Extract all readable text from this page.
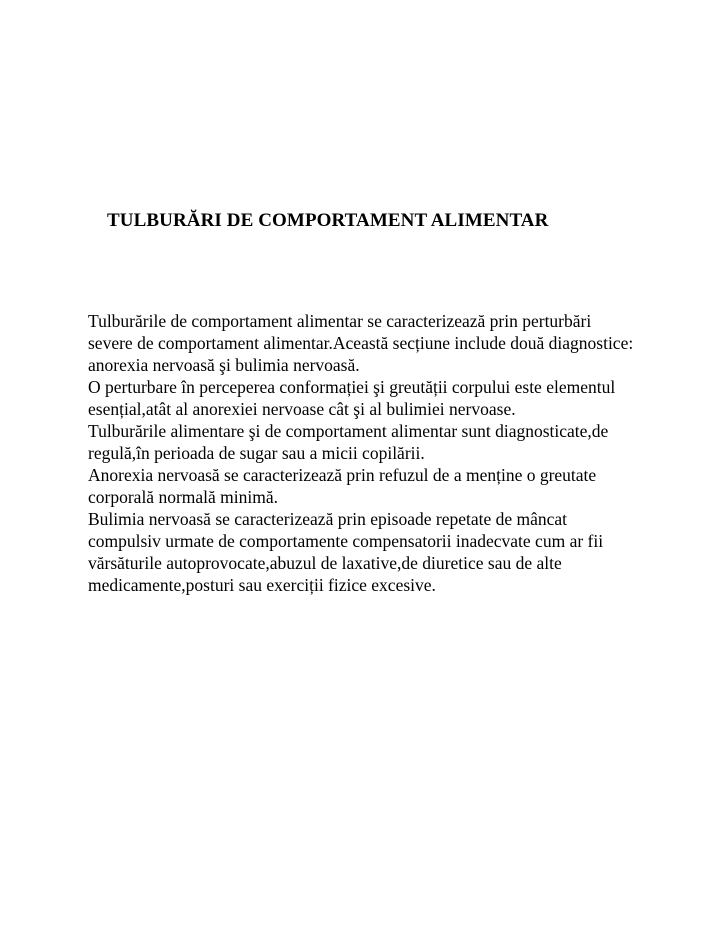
TULBURĂRI DE COMPORTAMENT ALIMENTAR

Tulburările de comportament alimentar se caracterizează prin perturbări
severe de comportament alimentar.Această secțiune include două diagnostice:
anorexia nervoasă şi bulimia nervoasă.

O perturbare în perceperea conformației şi greutății corpului este elementul
esențial,atât al anorexiei nervoase cât şi al bulimiei nervoase.

Tulburările alimentare şi de comportament alimentar sunt diagnosticate,de
regulă,în perioada de sugar sau a micii copilării.

Anorexia nervoasă se caracterizează prin refuzul de a menține o greutate
corporală normală minimă.

Bulimia nervoasă se caracterizează prin episoade repetate de mâncat
compulsiv urmate de comportamente compensatorii inadecvate cum ar fii
vărsăturile autoprovocate,abuzul de laxative,de diuretice sau de alte
medicamente,posturi sau exerciții fizice excesive.
